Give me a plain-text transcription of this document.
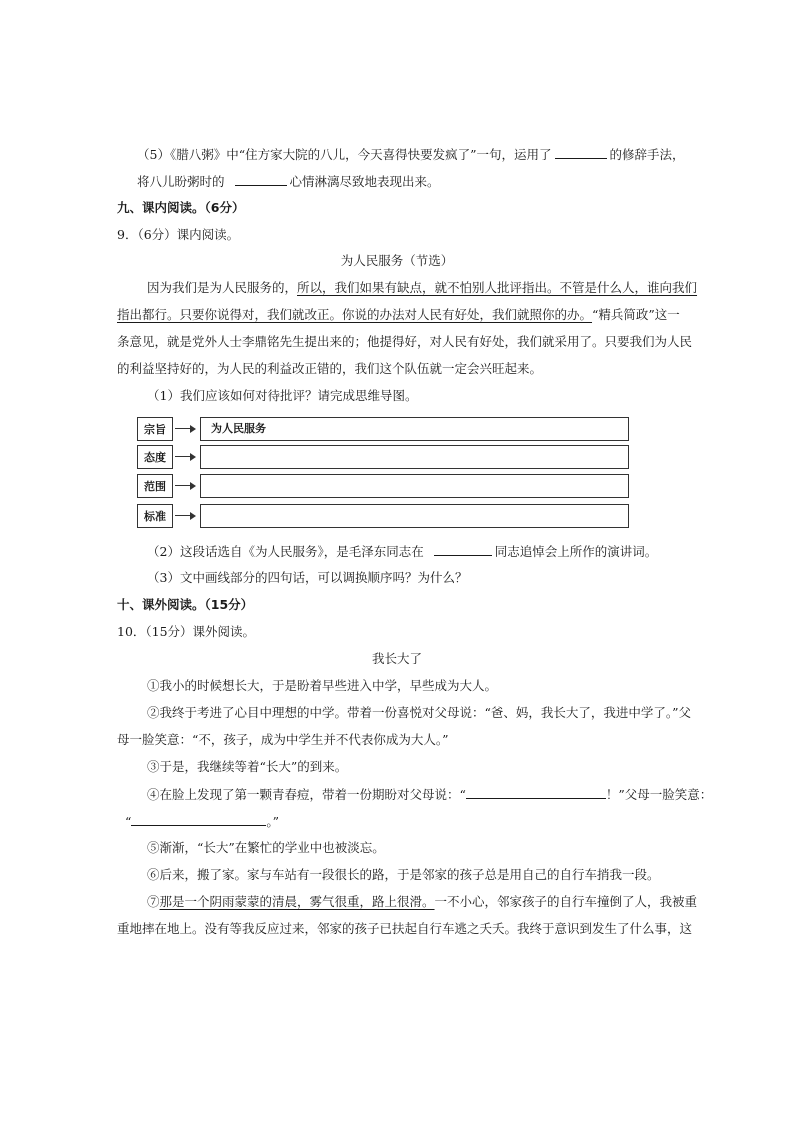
（5）《腊八粥》中“住方家大院的八儿，今天喜得快要发疯了”一句，运用了	的修辞手法，
将八儿盼粥时的	心情淋漓尽致地表现出来。
九、课内阅读。（6分）
9．（6分）课内阅读。
为人民服务（节选）
因为我们是为人民服务的，所以，我们如果有缺点，就不怕别人批评指出。不管是什么人，谁向我们
指出都行。只要你说得对，我们就改正。你说的办法对人民有好处，我们就照你的办。“精兵简政”这一
条意见，就是党外人士李鼎铭先生提出来的；他提得好，对人民有好处，我们就采用了。只要我们为人民
的利益坚持好的，为人民的利益改正错的，我们这个队伍就一定会兴旺起来。
（1）我们应该如何对待批评？请完成思维导图。
宗旨	为人民服务
态度
范围
标准
（2）这段话选自《为人民服务》，是毛泽东同志在	同志追悼会上所作的演讲词。
（3）文中画线部分的四句话，可以调换顺序吗？为什么？
十、课外阅读。（15分）
10．（15分）课外阅读。
我长大了
①我小的时候想长大，于是盼着早些进入中学，早些成为大人。
②我终于考进了心目中理想的中学。带着一份喜悦对父母说：“爸、妈，我长大了，我进中学了。”父
母一脸笑意：“不，孩子，成为中学生并不代表你成为大人。”
③于是，我继续等着“长大”的到来。
④在脸上发现了第一颗青春痘，带着一份期盼对父母说：“	！”父母一脸笑意：
“	。”
⑤渐渐，“长大”在繁忙的学业中也被淡忘。
⑥后来，搬了家。家与车站有一段很长的路，于是邻家的孩子总是用自己的自行车捎我一段。
⑦那是一个阴雨蒙蒙的清晨，雾气很重，路上很滑。一不小心，邻家孩子的自行车撞倒了人，我被重
重地摔在地上。没有等我反应过来，邻家的孩子已扶起自行车逃之夭夭。我终于意识到发生了什么事，这
